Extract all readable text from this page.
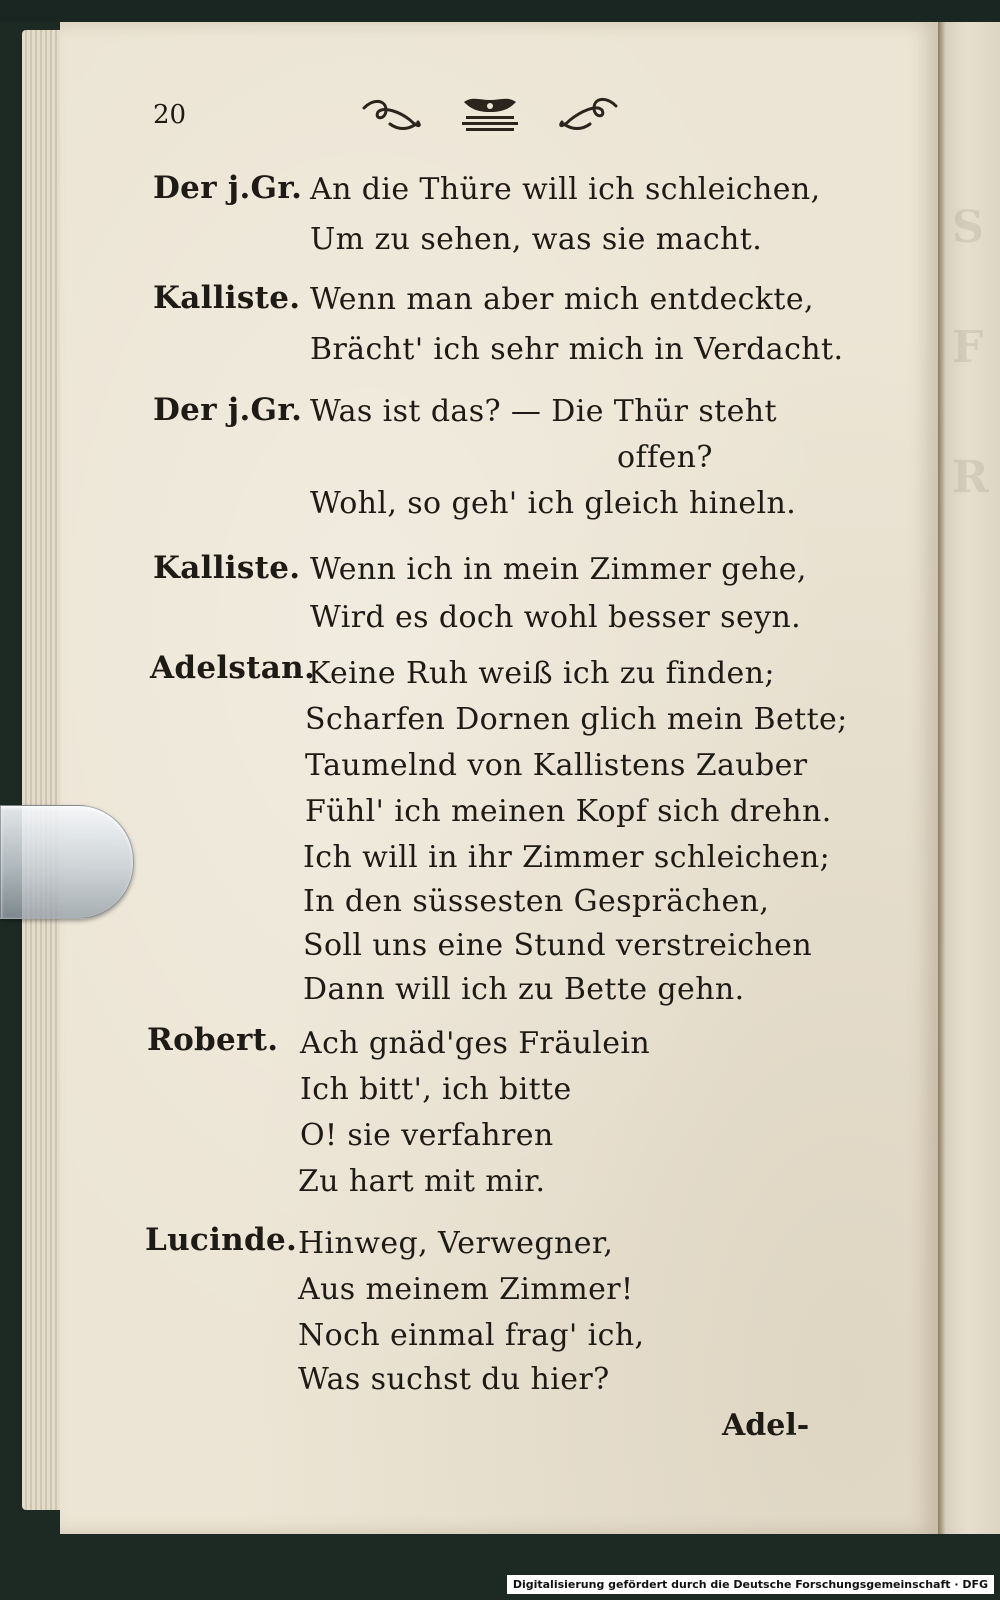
S
F
R
20
Der j.Gr. An die Thüre will ich schleichen,
Um zu sehen, was sie macht.
Kalliste. Wenn man aber mich entdeckte,
Brächt' ich sehr mich in Verdacht.
Der j.Gr. Was ist das? — Die Thür steht
offen?
Wohl, so geh' ich gleich hineln.
Kalliste. Wenn ich in mein Zimmer gehe,
Wird es doch wohl besser seyn.
Adelstan.
Keine Ruh weiß ich zu finden;
Scharfen Dornen glich mein Bette;
Taumelnd von Kallistens Zauber
Fühl' ich meinen Kopf sich drehn.
Ich will in ihr Zimmer schleichen;
In den süssesten Gesprächen,
Soll uns eine Stund verstreichen
Dann will ich zu Bette gehn.
Robert. Ach gnäd'ges Fräulein
Ich bitt', ich bitte
O! sie verfahren
Zu hart mit mir.
Lucinde. Hinweg, Verwegner,
Aus meinem Zimmer!
Noch einmal frag' ich,
Was suchst du hier?
Adel-
Digitalisierung gefördert durch die Deutsche Forschungsgemeinschaft · DFG
